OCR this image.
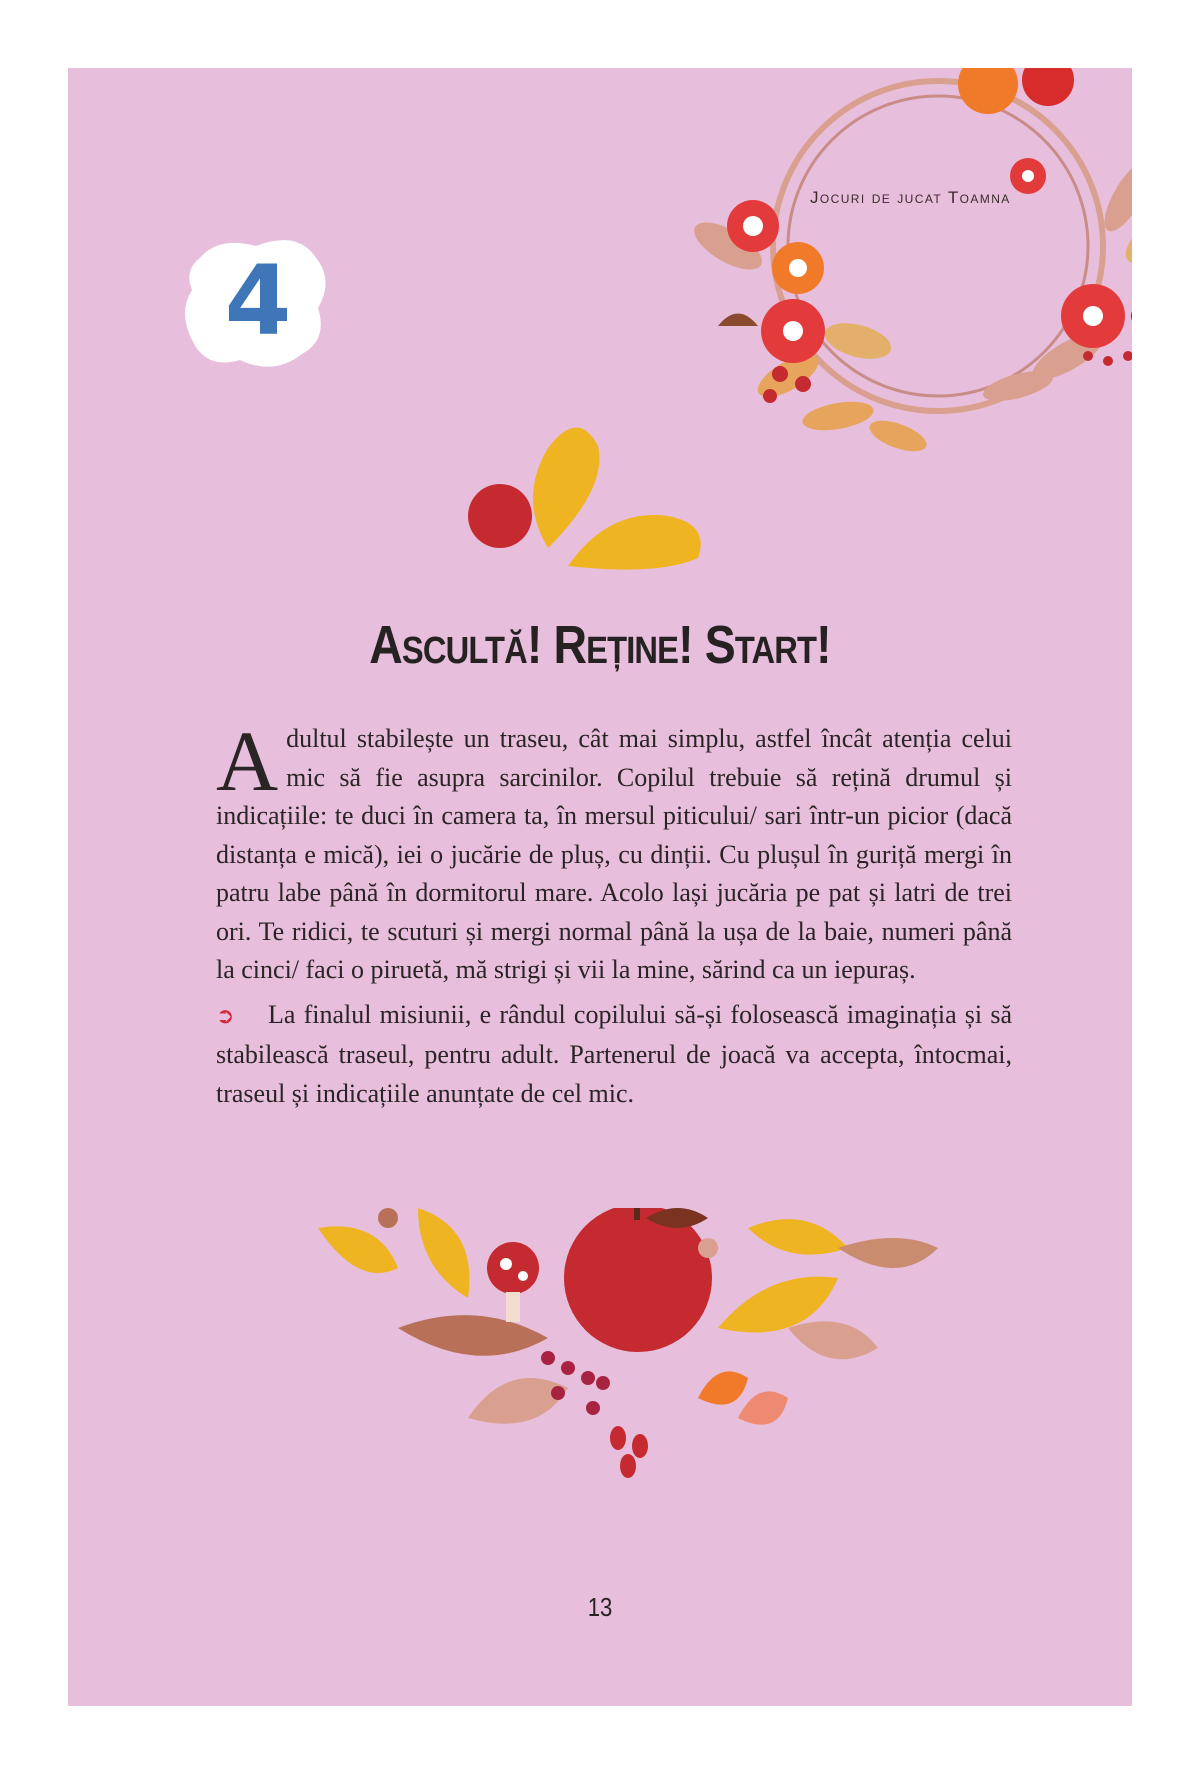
Jocuri de jucat Toamna
4
Ascultă! Reține! Start!

Adultul stabilește un traseu, cât mai simplu, astfel încât atenția celui mic să fie asupra sarcinilor. Copilul trebuie să rețină drumul și indicațiile: te duci în camera ta, în mersul piticului/ sari într-un picior (dacă distanța e mică), iei o jucărie de pluș, cu dinții. Cu plușul în guriță mergi în patru labe până în dormitorul mare. Acolo lași jucăria pe pat și latri de trei ori. Te ridici, te scuturi și mergi normal până la ușa de la baie, numeri până la cinci/ faci o piruetă, mă strigi și vii la mine, sărind ca un iepuraș.

➲ La finalul misiunii, e rândul copilului să-și folosească imaginația și să stabilească traseul, pentru adult. Partenerul de joacă va accepta, întocmai, traseul și indicațiile anunțate de cel mic.

13
